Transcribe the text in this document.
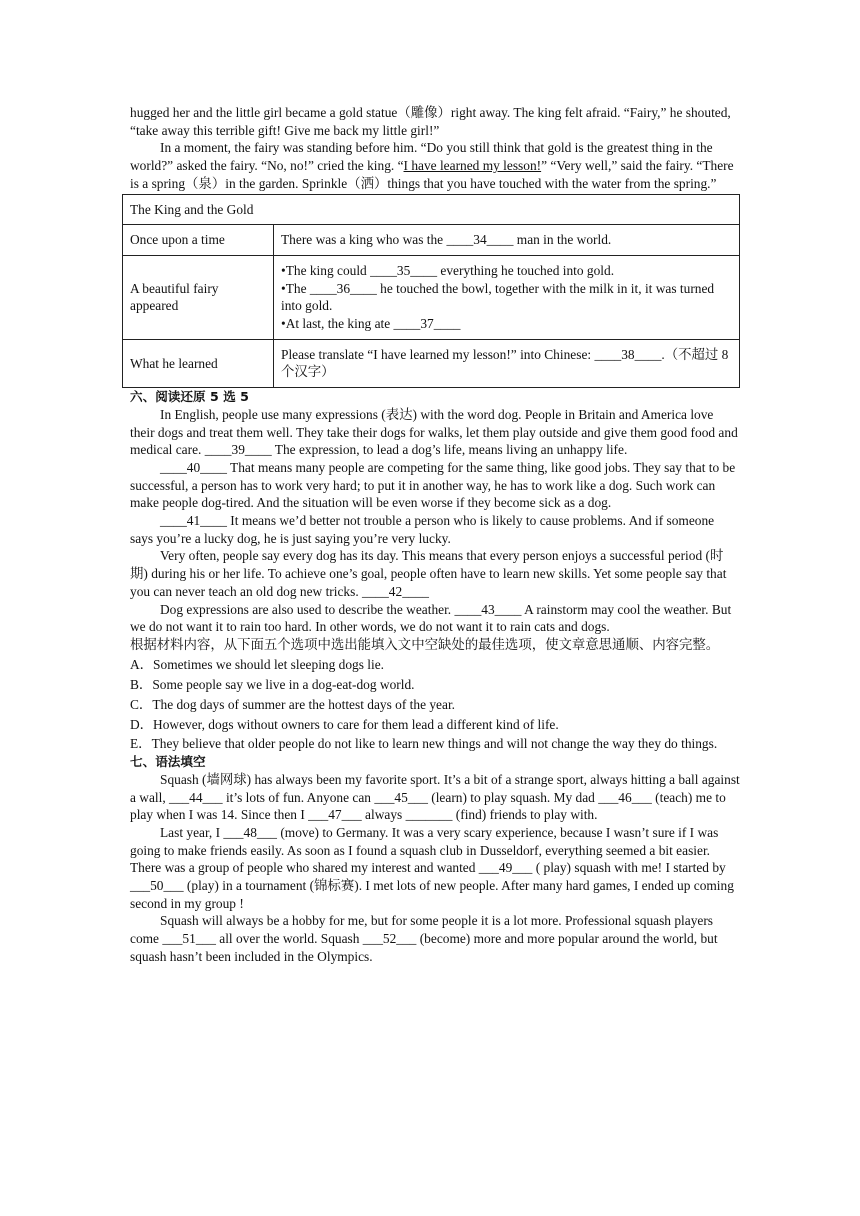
hugged her and the little girl became a gold statue（雕像）right away. The king felt afraid. “Fairy,” he shouted, “take away this terrible gift! Give me back my little girl!”

In a moment, the fairy was standing before him. “Do you still think that gold is the greatest thing in the world?” asked the fairy. “No, no!” cried the king. “I have learned my lesson!” “Very well,” said the fairy. “There is a spring（泉）in the garden. Sprinkle（洒）things that you have touched with the water from the spring.”

The King and the Gold	
Once upon a time	There was a king who was the ____34____ man in the world.
A beautiful fairy appeared	•The king could ____35____ everything he touched into gold.
•The ____36____ he touched the bowl, together with the milk in it, it was turned into gold.
•At last, the king ate ____37____

What he learned	Please translate “I have learned my lesson!” into Chinese: ____38____.（不超过 8 个汉字）

六、阅读还原 5 选 5

In English, people use many expressions (表达) with the word dog. People in Britain and America love their dogs and treat them well. They take their dogs for walks, let them play outside and give them good food and medical care. ____39____ The expression, to lead a dog’s life, means living an unhappy life.

____40____ That means many people are competing for the same thing, like good jobs. They say that to be successful, a person has to work very hard; to put it in another way, he has to work like a dog. Such work can make people dog-tired. And the situation will be even worse if they become sick as a dog.

____41____ It means we’d better not trouble a person who is likely to cause problems. And if someone says you’re a lucky dog, he is just saying you’re very lucky.

Very often, people say every dog has its day. This means that every person enjoys a successful period (时期) during his or her life. To achieve one’s goal, people often have to learn new skills. Yet some people say that you can never teach an old dog new tricks. ____42____

Dog expressions are also used to describe the weather. ____43____ A rainstorm may cool the weather. But we do not want it to rain too hard. In other words, we do not want it to rain cats and dogs.

根据材料内容，从下面五个选项中选出能填入文中空缺处的最佳选项，使文章意思通顺、内容完整。

A．Sometimes we should let sleeping dogs lie.

B．Some people say we live in a dog-eat-dog world.

C．The dog days of summer are the hottest days of the year.

D．However, dogs without owners to care for them lead a different kind of life.

E．They believe that older people do not like to learn new things and will not change the way they do things.

七、语法填空

Squash (墙网球) has always been my favorite sport. It’s a bit of a strange sport, always hitting a ball against a wall, ___44___ it’s lots of fun. Anyone can ___45___ (learn) to play squash. My dad ___46___ (teach) me to play when I was 14. Since then I ___47___ always _______ (find) friends to play with.

Last year, I ___48___ (move) to Germany. It was a very scary experience, because I wasn’t sure if I was going to make friends easily. As soon as I found a squash club in Dusseldorf, everything seemed a bit easier. There was a group of people who shared my interest and wanted ___49___ ( play) squash with me! I started by ___50___ (play) in a tournament (锦标赛). I met lots of new people. After many hard games, I ended up coming second in my group !

Squash will always be a hobby for me, but for some people it is a lot more. Professional squash players come ___51___ all over the world. Squash ___52___ (become) more and more popular around the world, but squash hasn’t been included in the Olympics.
